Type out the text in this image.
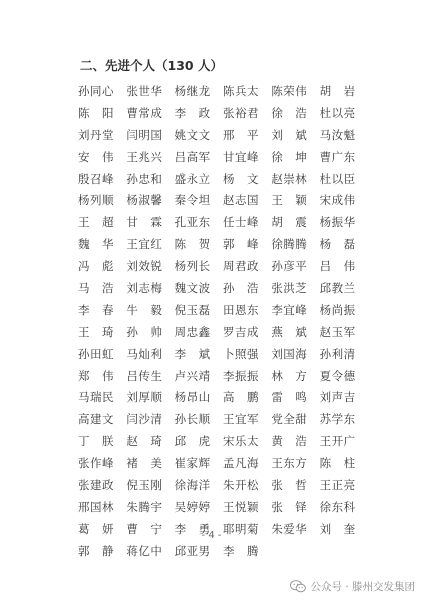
二、先进个人（130 人）
孙同心	张世华	杨继龙	陈兵太	陈荣伟	胡　岩
陈　阳	曹常成	李　政	张裕君	徐　浩	杜以亮
刘丹堂	闫明国	姚文文	邢　平	刘　斌	马汝魁
安　伟	王兆兴	吕高军	甘宜峰	徐　坤	曹广东
殷召峰	孙忠和	盛永立	杨　文	赵崇林	杜以臣
杨列顺	杨淑馨	秦令坦	赵志国	王　颖	宋成伟
王　超	甘　霖	孔亚东	任士峰	胡　震	杨振华
魏　华	王宜红	陈　贺	郭　峰	徐腾腾	杨　磊
冯　彪	刘效锐	杨列长	周君政	孙彦平	吕　伟
马　浩	刘志梅	魏文波	孙　浩	张洪芝	邱教兰
李　春	牛　毅	倪玉磊	田恩东	李宜峰	杨尚振
王　琦	孙　帅	周忠鑫	罗吉成	燕　斌	赵玉军
孙田虹	马灿利	李　斌	卜照强	刘国海	孙利清
郑　伟	吕传生	卢兴靖	李振振	林　方	夏令德
马瑞民	刘厚顺	杨昂山	高　鹏	雷　鸣	刘声吉
高建文	闫沙清	孙长顺	王宜军	党全甜	苏学东
丁　朕	赵　琦	邱　虎	宋乐太	黄　浩	王开广
张作峰	褚　美	崔家辉	孟凡海	王东方	陈　柱
张建政	倪玉刚	徐海洋	朱开松	张　哲	王正亮
邢国林	朱腾宇	吴婷婷	王悦颖	张　铎	徐东科
葛　妍	曹　宁	李　勇	耶明菊	朱爱华	刘　奎
郭　静	蒋亿中	邱亚男	李　腾
- 4 -
公众号 · 滕州交发集团
